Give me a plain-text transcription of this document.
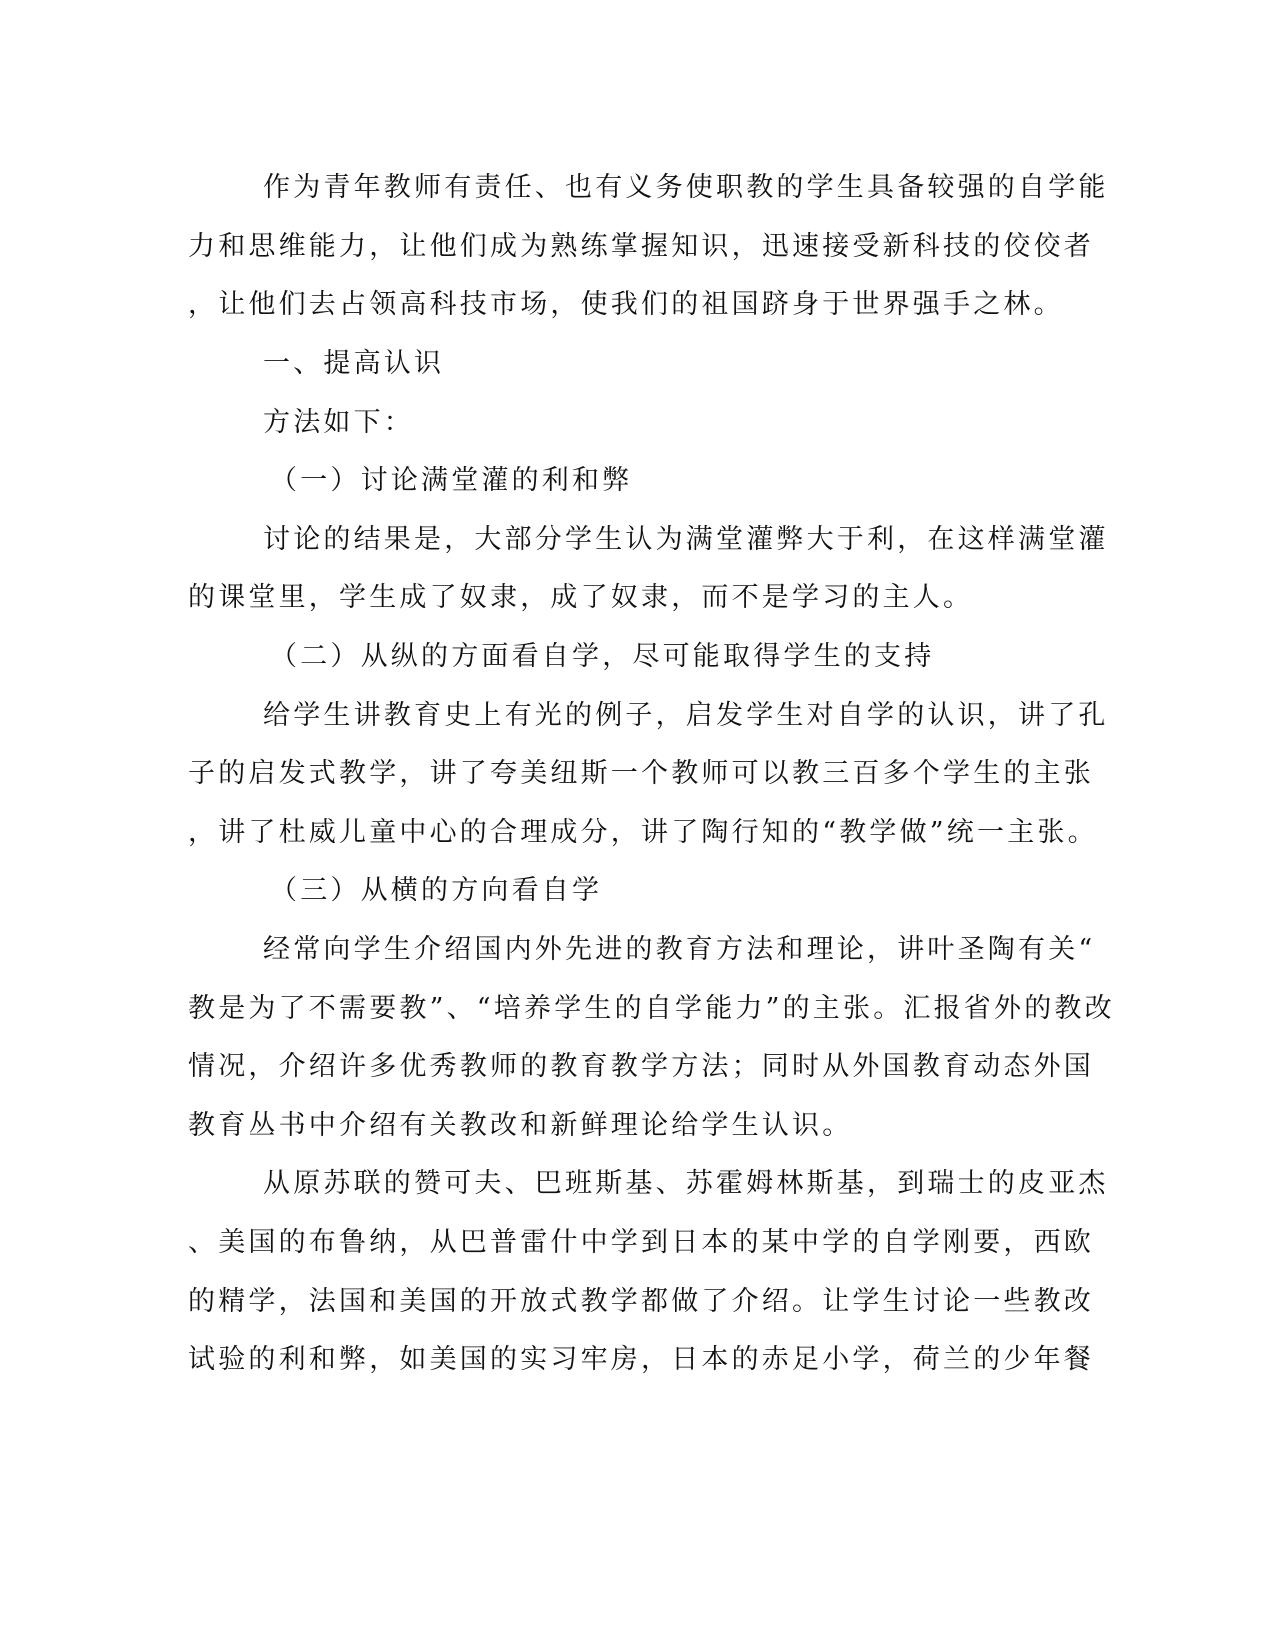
作为青年教师有责任、也有义务使职教的学生具备较强的自学能
力和思维能力，让他们成为熟练掌握知识，迅速接受新科技的佼佼者
，让他们去占领高科技市场，使我们的祖国跻身于世界强手之林。
一、提高认识
方法如下：
（一）讨论满堂灌的利和弊
讨论的结果是，大部分学生认为满堂灌弊大于利，在这样满堂灌
的课堂里，学生成了奴隶，成了奴隶，而不是学习的主人。
（二）从纵的方面看自学，尽可能取得学生的支持
给学生讲教育史上有光的例子，启发学生对自学的认识，讲了孔
子的启发式教学，讲了夸美纽斯一个教师可以教三百多个学生的主张
，讲了杜威儿童中心的合理成分，讲了陶行知的“教学做”统一主张。
（三）从横的方向看自学
经常向学生介绍国内外先进的教育方法和理论，讲叶圣陶有关“
教是为了不需要教”、“培养学生的自学能力”的主张。汇报省外的教改
情况，介绍许多优秀教师的教育教学方法；同时从外国教育动态外国
教育丛书中介绍有关教改和新鲜理论给学生认识。
从原苏联的赞可夫、巴班斯基、苏霍姆林斯基，到瑞士的皮亚杰
、美国的布鲁纳，从巴普雷什中学到日本的某中学的自学刚要，西欧
的精学，法国和美国的开放式教学都做了介绍。让学生讨论一些教改
试验的利和弊，如美国的实习牢房，日本的赤足小学，荷兰的少年餐
